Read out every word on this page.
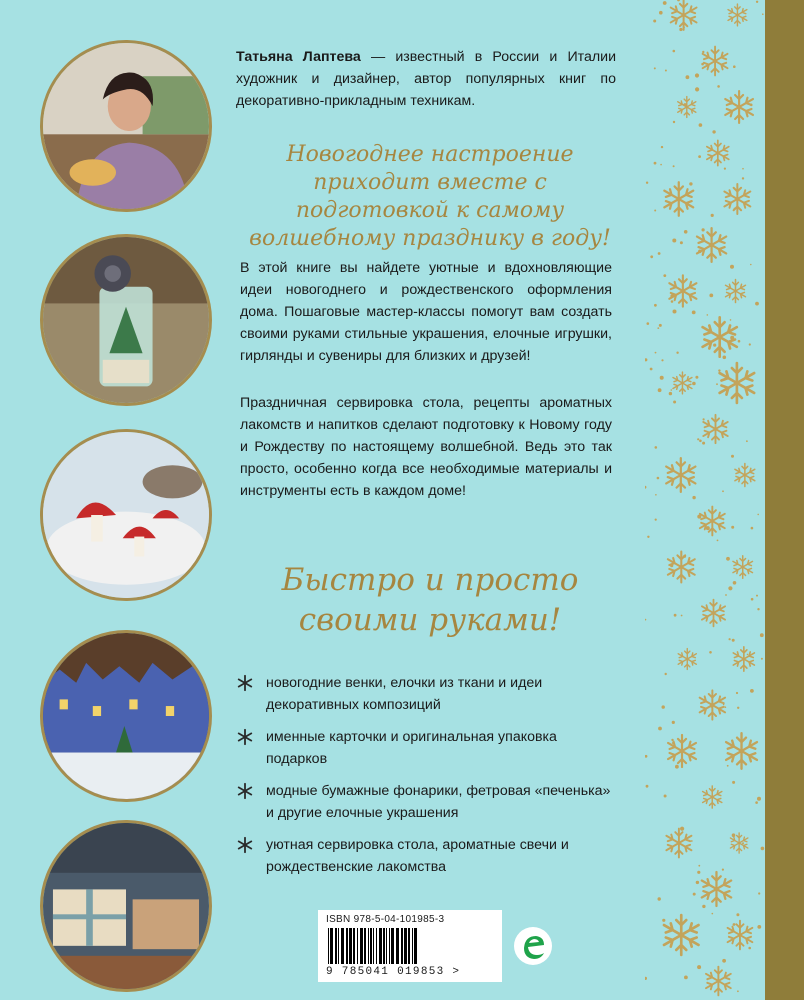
Татьяна Лаптева — известный в России и Италии художник и дизайнер, автор популярных книг по декоративно-прикладным техникам.
Новогоднее настроение приходит вместе с подготовкой к самому волшебному празднику в году!
В этой книге вы найдете уютные и вдохновляющие идеи новогоднего и рождественского оформления дома. Пошаговые мастер-классы помогут вам создать своими руками стильные украшения, елочные игрушки, гирлянды и сувениры для близких и друзей!
Праздничная сервировка стола, рецепты ароматных лакомств и напитков сделают подготовку к Новому году и Рождеству по настоящему волшебной. Ведь это так просто, особенно когда все необходимые материалы и инструменты есть в каждом доме!
Быстро и просто своими руками!
новогодние венки, елочки из ткани и идеи декоративных композиций
именные карточки и оригинальная упаковка подарков
модные бумажные фонарики, фетровая «печенька» и другие елочные украшения
уютная сервировка стола, ароматные свечи и рождественские лакомства
ISBN 978-5-04-101985-3
9 785041 019853 >
